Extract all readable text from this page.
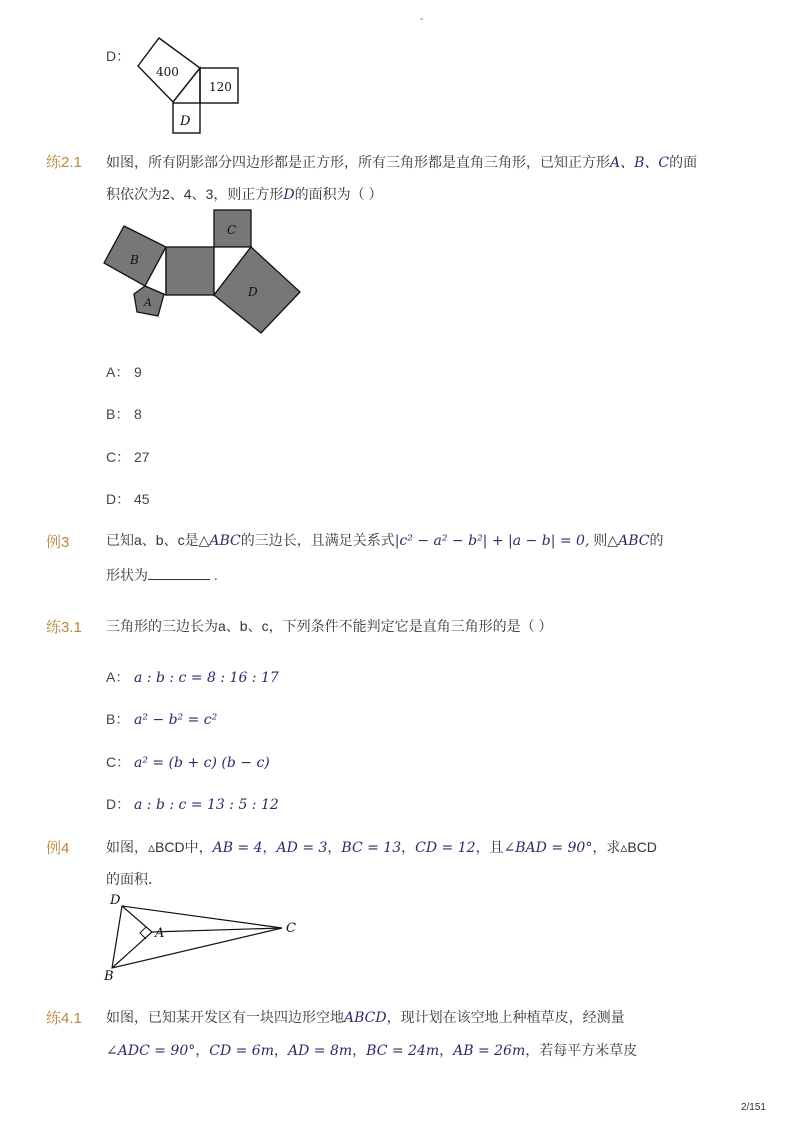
-
D：
400
120
D
练2.1 如图，所有阴影部分四边形都是正方形，所有三角形都是直角三角形，已知正方形A、B、C的面
积依次为2、4、3，则正方形D的面积为（ ）
B
A
C
D
A： 9
B： 8
C： 27
D： 45
例3	已知a、b、c是△ABC的三边长，且满足关系式|c² − a² − b²| + |a − b| = 0, 则△ABC的
形状为	.
练3.1 三角形的三边长为a、b、c，下列条件不能判定它是直角三角形的是（ ）
A： a : b : c = 8 : 16 : 17
B： a² − b² = c²
C： a² = (b + c) (b − c)
D： a : b : c = 13 : 5 : 12
例4	如图，▵BCD中，AB = 4，AD = 3，BC = 13，CD = 12，且∠BAD = 90°，求▵BCD
的面积．
D
A
B
C
练4.1 如图，已知某开发区有一块四边形空地ABCD，现计划在该空地上种植草皮，经测量
∠ADC = 90°，CD = 6m，AD = 8m，BC = 24m，AB = 26m，若每平方米草皮
2/151
